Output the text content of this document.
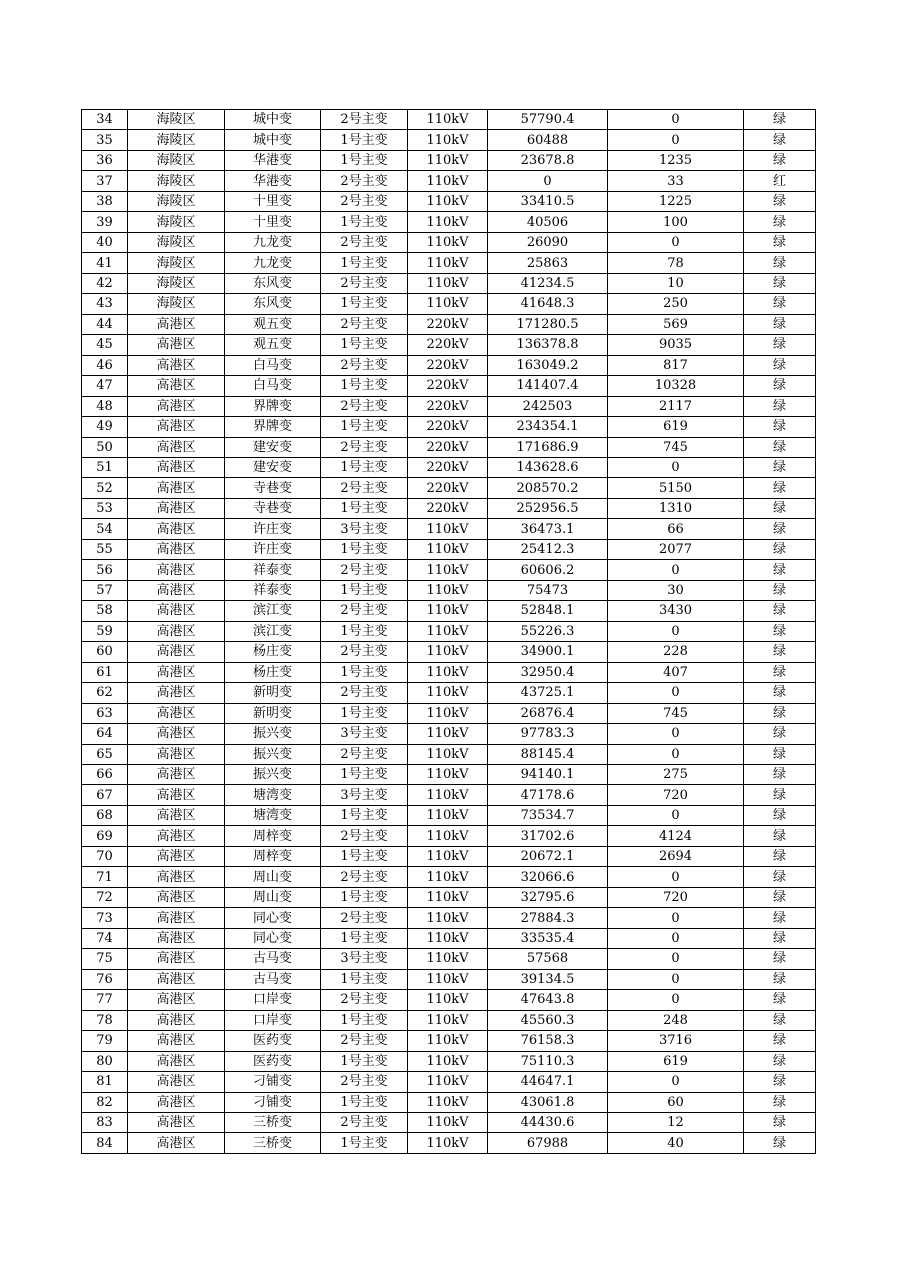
34	海陵区	城中变	2号主变	110kV	57790.4	0	绿
35	海陵区	城中变	1号主变	110kV	60488	0	绿
36	海陵区	华港变	1号主变	110kV	23678.8	1235	绿
37	海陵区	华港变	2号主变	110kV	0	33	红
38	海陵区	十里变	2号主变	110kV	33410.5	1225	绿
39	海陵区	十里变	1号主变	110kV	40506	100	绿
40	海陵区	九龙变	2号主变	110kV	26090	0	绿
41	海陵区	九龙变	1号主变	110kV	25863	78	绿
42	海陵区	东风变	2号主变	110kV	41234.5	10	绿
43	海陵区	东风变	1号主变	110kV	41648.3	250	绿
44	高港区	观五变	2号主变	220kV	171280.5	569	绿
45	高港区	观五变	1号主变	220kV	136378.8	9035	绿
46	高港区	白马变	2号主变	220kV	163049.2	817	绿
47	高港区	白马变	1号主变	220kV	141407.4	10328	绿
48	高港区	界牌变	2号主变	220kV	242503	2117	绿
49	高港区	界牌变	1号主变	220kV	234354.1	619	绿
50	高港区	建安变	2号主变	220kV	171686.9	745	绿
51	高港区	建安变	1号主变	220kV	143628.6	0	绿
52	高港区	寺巷变	2号主变	220kV	208570.2	5150	绿
53	高港区	寺巷变	1号主变	220kV	252956.5	1310	绿
54	高港区	许庄变	3号主变	110kV	36473.1	66	绿
55	高港区	许庄变	1号主变	110kV	25412.3	2077	绿
56	高港区	祥泰变	2号主变	110kV	60606.2	0	绿
57	高港区	祥泰变	1号主变	110kV	75473	30	绿
58	高港区	滨江变	2号主变	110kV	52848.1	3430	绿
59	高港区	滨江变	1号主变	110kV	55226.3	0	绿
60	高港区	杨庄变	2号主变	110kV	34900.1	228	绿
61	高港区	杨庄变	1号主变	110kV	32950.4	407	绿
62	高港区	新明变	2号主变	110kV	43725.1	0	绿
63	高港区	新明变	1号主变	110kV	26876.4	745	绿
64	高港区	振兴变	3号主变	110kV	97783.3	0	绿
65	高港区	振兴变	2号主变	110kV	88145.4	0	绿
66	高港区	振兴变	1号主变	110kV	94140.1	275	绿
67	高港区	塘湾变	3号主变	110kV	47178.6	720	绿
68	高港区	塘湾变	1号主变	110kV	73534.7	0	绿
69	高港区	周梓变	2号主变	110kV	31702.6	4124	绿
70	高港区	周梓变	1号主变	110kV	20672.1	2694	绿
71	高港区	周山变	2号主变	110kV	32066.6	0	绿
72	高港区	周山变	1号主变	110kV	32795.6	720	绿
73	高港区	同心变	2号主变	110kV	27884.3	0	绿
74	高港区	同心变	1号主变	110kV	33535.4	0	绿
75	高港区	古马变	3号主变	110kV	57568	0	绿
76	高港区	古马变	1号主变	110kV	39134.5	0	绿
77	高港区	口岸变	2号主变	110kV	47643.8	0	绿
78	高港区	口岸变	1号主变	110kV	45560.3	248	绿
79	高港区	医药变	2号主变	110kV	76158.3	3716	绿
80	高港区	医药变	1号主变	110kV	75110.3	619	绿
81	高港区	刁铺变	2号主变	110kV	44647.1	0	绿
82	高港区	刁铺变	1号主变	110kV	43061.8	60	绿
83	高港区	三桥变	2号主变	110kV	44430.6	12	绿
84	高港区	三桥变	1号主变	110kV	67988	40	绿
